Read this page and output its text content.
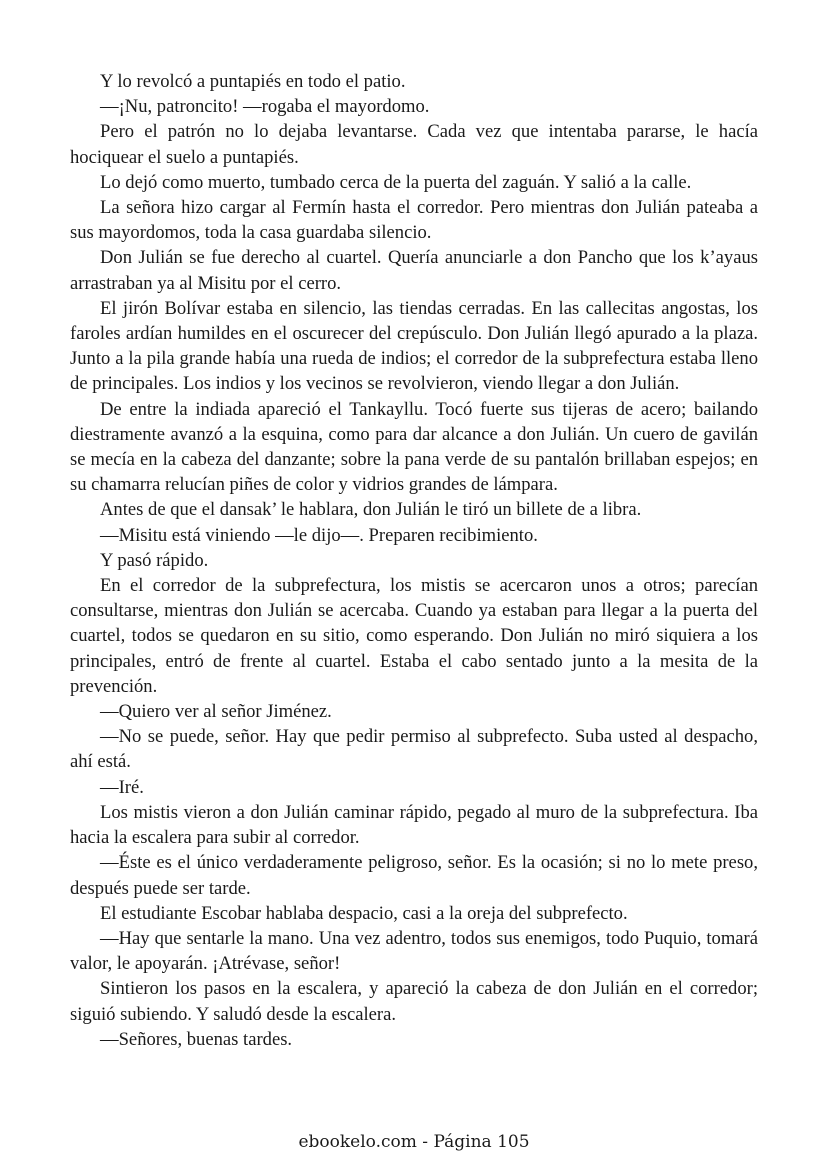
Y lo revolcó a puntapiés en todo el patio.

—¡Nu, patroncito! —rogaba el mayordomo.

Pero el patrón no lo dejaba levantarse. Cada vez que intentaba pararse, le hacía hociquear el suelo a puntapiés.

Lo dejó como muerto, tumbado cerca de la puerta del zaguán. Y salió a la calle.

La señora hizo cargar al Fermín hasta el corredor. Pero mientras don Julián pateaba a sus mayordomos, toda la casa guardaba silencio.

Don Julián se fue derecho al cuartel. Quería anunciarle a don Pancho que los k’ayaus arrastraban ya al Misitu por el cerro.

El jirón Bolívar estaba en silencio, las tiendas cerradas. En las callecitas angostas, los faroles ardían humildes en el oscurecer del crepúsculo. Don Julián llegó apurado a la plaza. Junto a la pila grande había una rueda de indios; el corredor de la subprefectura estaba lleno de principales. Los indios y los vecinos se revolvieron, viendo llegar a don Julián.

De entre la indiada apareció el Tankayllu. Tocó fuerte sus tijeras de acero; bailando diestramente avanzó a la esquina, como para dar alcance a don Julián. Un cuero de gavilán se mecía en la cabeza del danzante; sobre la pana verde de su pantalón brillaban espejos; en su chamarra relucían piñes de color y vidrios grandes de lámpara.

Antes de que el dansak’ le hablara, don Julián le tiró un billete de a libra.

—Misitu está viniendo —le dijo—. Preparen recibimiento.

Y pasó rápido.

En el corredor de la subprefectura, los mistis se acercaron unos a otros; parecían consultarse, mientras don Julián se acercaba. Cuando ya estaban para llegar a la puerta del cuartel, todos se quedaron en su sitio, como esperando. Don Julián no miró siquiera a los principales, entró de frente al cuartel. Estaba el cabo sentado junto a la mesita de la prevención.

—Quiero ver al señor Jiménez.

—No se puede, señor. Hay que pedir permiso al subprefecto. Suba usted al despacho, ahí está.

—Iré.

Los mistis vieron a don Julián caminar rápido, pegado al muro de la subprefectura. Iba hacia la escalera para subir al corredor.

—Éste es el único verdaderamente peligroso, señor. Es la ocasión; si no lo mete preso, después puede ser tarde.

El estudiante Escobar hablaba despacio, casi a la oreja del subprefecto.

—Hay que sentarle la mano. Una vez adentro, todos sus enemigos, todo Puquio, tomará valor, le apoyarán. ¡Atrévase, señor!

Sintieron los pasos en la escalera, y apareció la cabeza de don Julián en el corredor; siguió subiendo. Y saludó desde la escalera.

—Señores, buenas tardes.

ebookelo.com - Página 105
